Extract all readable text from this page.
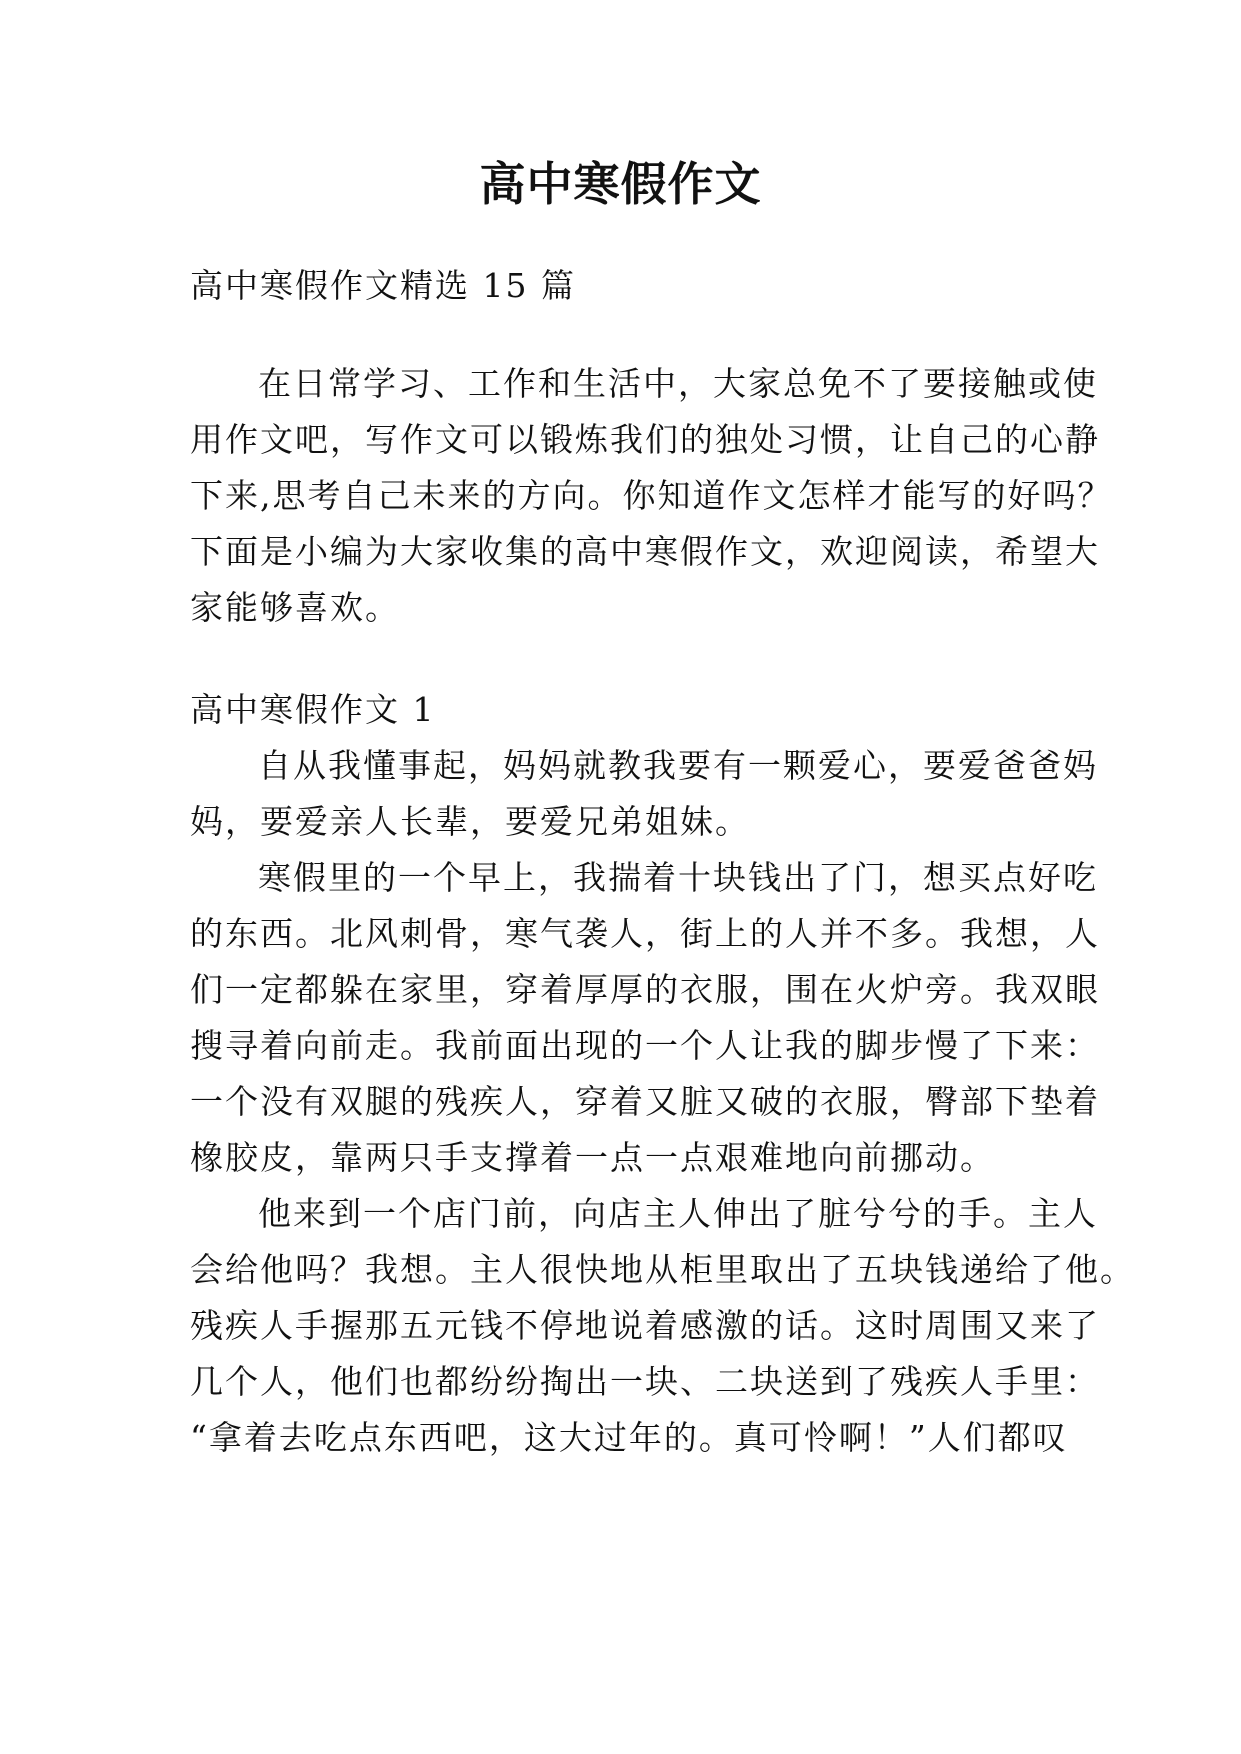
高中寒假作文
高中寒假作文精选 15 篇
在日常学习、工作和生活中，大家总免不了要接触或使
用作文吧，写作文可以锻炼我们的独处习惯，让自己的心静
下来,思考自己未来的方向。你知道作文怎样才能写的好吗？
下面是小编为大家收集的高中寒假作文，欢迎阅读，希望大
家能够喜欢。
高中寒假作文 1
自从我懂事起，妈妈就教我要有一颗爱心，要爱爸爸妈
妈，要爱亲人长辈，要爱兄弟姐妹。
寒假里的一个早上，我揣着十块钱出了门，想买点好吃
的东西。北风刺骨，寒气袭人，街上的人并不多。我想，人
们一定都躲在家里，穿着厚厚的衣服，围在火炉旁。我双眼
搜寻着向前走。我前面出现的一个人让我的脚步慢了下来：
一个没有双腿的残疾人，穿着又脏又破的衣服，臀部下垫着
橡胶皮，靠两只手支撑着一点一点艰难地向前挪动。
他来到一个店门前，向店主人伸出了脏兮兮的手。主人
会给他吗？我想。主人很快地从柜里取出了五块钱递给了他。
残疾人手握那五元钱不停地说着感激的话。这时周围又来了
几个人，他们也都纷纷掏出一块、二块送到了残疾人手里：
“拿着去吃点东西吧，这大过年的。真可怜啊！”人们都叹
